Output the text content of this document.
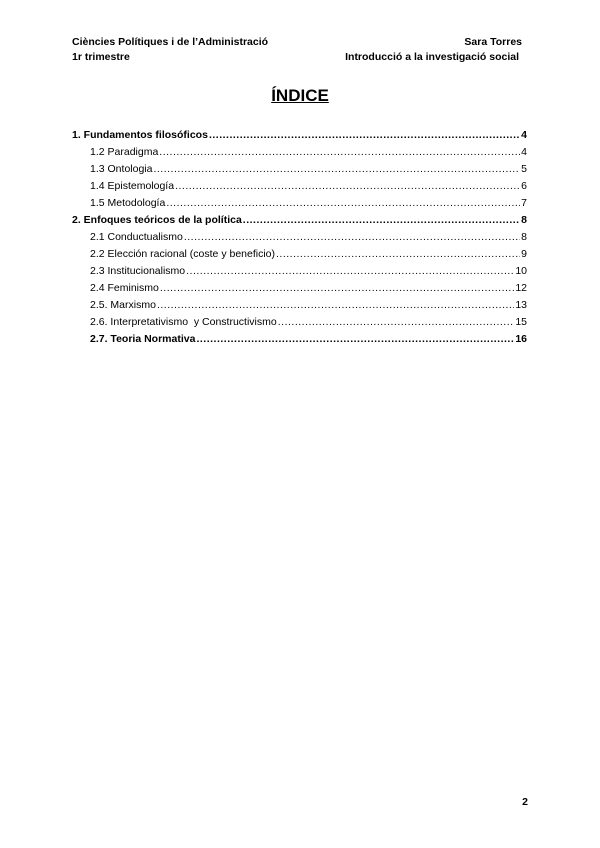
Ciències Polítiques i de l’Administració	Sara Torres
1r trimestre	Introducció a la investigació social
ÍNDICE
1. Fundamentos filosóficos .....	4
1.2 Paradigma .....	4
1.3 Ontologia .....	5
1.4 Epistemología .....	6
1.5 Metodología .....	7
2. Enfoques teóricos de la política .....	8
2.1 Conductualismo .....	8
2.2 Elección racional (coste y beneficio) .....	9
2.3 Institucionalismo .....	10
2.4 Feminismo .....	12
2.5. Marxismo .....	13
2.6. Interpretativismo  y Constructivismo .....	15
2.7. Teoria Normativa .....	16
2
